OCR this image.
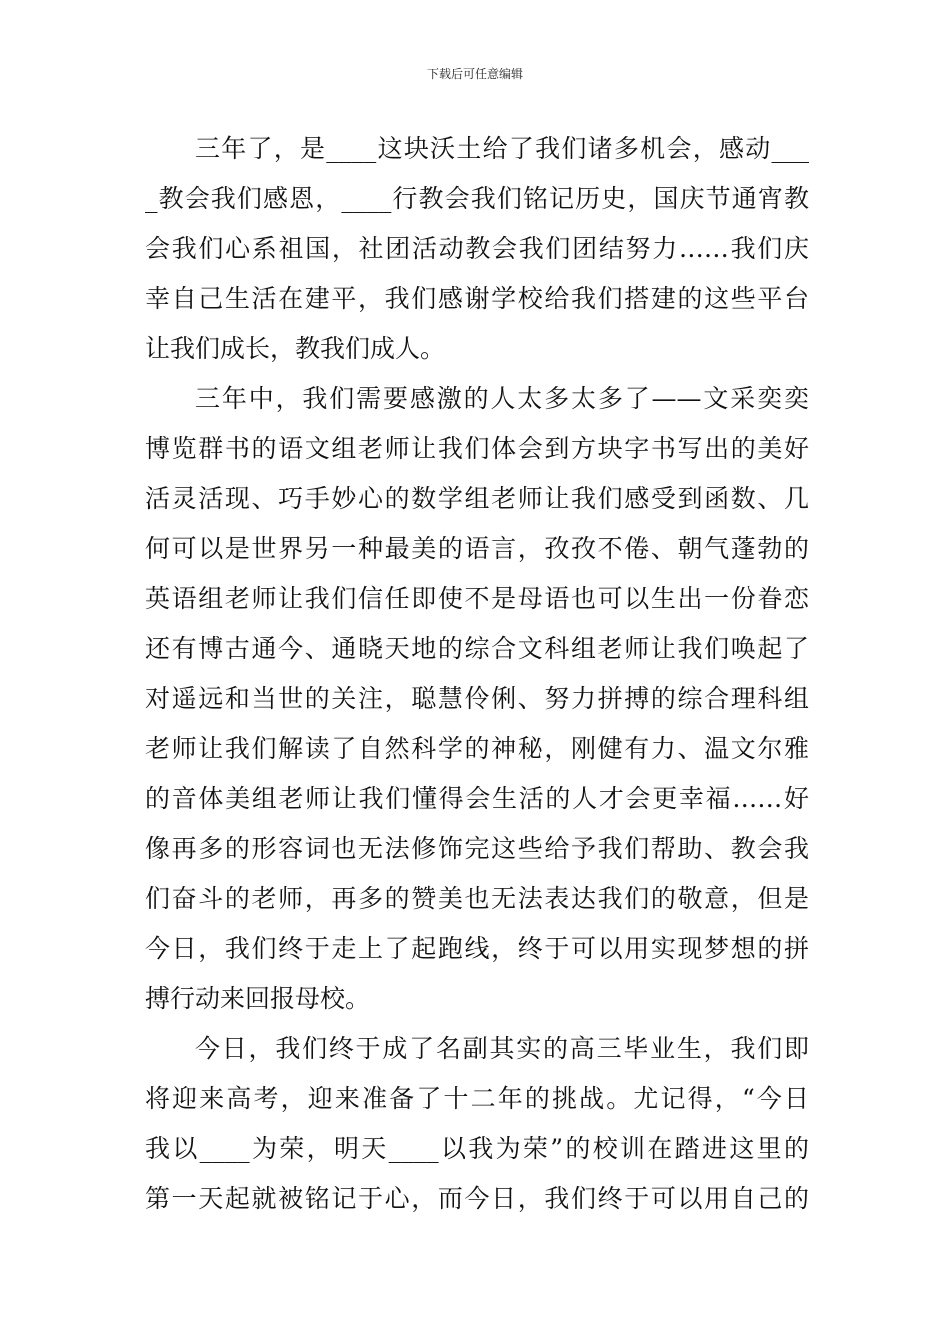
下载后可任意编辑
三年了，是____这块沃土给了我们诸多机会，感动___
_教会我们感恩，____行教会我们铭记历史，国庆节通宵教
会我们心系祖国，社团活动教会我们团结努力……我们庆
幸自己生活在建平，我们感谢学校给我们搭建的这些平台
让我们成长，教我们成人。
三年中，我们需要感激的人太多太多了——文采奕奕
博览群书的语文组老师让我们体会到方块字书写出的美好
活灵活现、巧手妙心的数学组老师让我们感受到函数、几
何可以是世界另一种最美的语言，孜孜不倦、朝气蓬勃的
英语组老师让我们信任即使不是母语也可以生出一份眷恋
还有博古通今、通晓天地的综合文科组老师让我们唤起了
对遥远和当世的关注，聪慧伶俐、努力拼搏的综合理科组
老师让我们解读了自然科学的神秘，刚健有力、温文尔雅
的音体美组老师让我们懂得会生活的人才会更幸福……好
像再多的形容词也无法修饰完这些给予我们帮助、教会我
们奋斗的老师，再多的赞美也无法表达我们的敬意，但是
今日，我们终于走上了起跑线，终于可以用实现梦想的拼
搏行动来回报母校。
今日，我们终于成了名副其实的高三毕业生，我们即
将迎来高考，迎来准备了十二年的挑战。尤记得，“今日
我以____为荣，明天____以我为荣”的校训在踏进这里的
第一天起就被铭记于心，而今日，我们终于可以用自己的
